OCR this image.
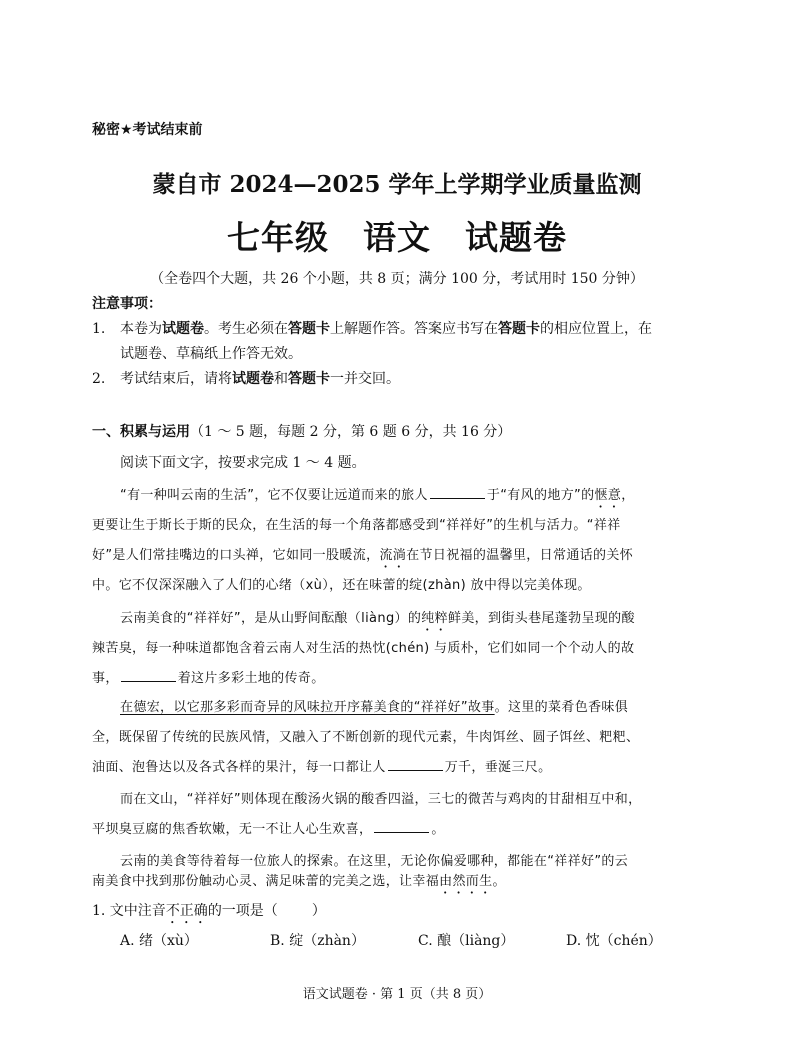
秘密★考试结束前
蒙自市 2024—2025 学年上学期学业质量监测
七年级　语文　试题卷
（全卷四个大题，共 26 个小题，共 8 页；满分 100 分，考试用时 150 分钟）
注意事项：
1. 本卷为试题卷。考生必须在答题卡上解题作答。答案应书写在答题卡的相应位置上，在
试题卷、草稿纸上作答无效。
2. 考试结束后，请将试题卷和答题卡一并交回。
一、积累与运用（1 ～ 5 题，每题 2 分，第 6 题 6 分，共 16 分）
阅读下面文字，按要求完成 1 ～ 4 题。
“有一种叫云南的生活”，它不仅要让远道而来的旅人	于“有风的地方”的惬意，
更要让生于斯长于斯的民众，在生活的每一个角落都感受到“祥祥好”的生机与活力。“祥祥
好”是人们常挂嘴边的口头禅，它如同一股暖流，流淌在节日祝福的温馨里，日常通话的关怀
中。它不仅深深融入了人们的心绪（xù），还在味蕾的绽(zhàn) 放中得以完美体现。
云南美食的“祥祥好”，是从山野间酝酿（liàng）的纯粹鲜美，到街头巷尾蓬勃呈现的酸
辣苦臭，每一种味道都饱含着云南人对生活的热忱(chén) 与质朴，它们如同一个个动人的故
事，	着这片多彩土地的传奇。
在德宏，以它那多彩而奇异的风味拉开序幕美食的“祥祥好”故事。这里的菜肴色香味俱
全，既保留了传统的民族风情，又融入了不断创新的现代元素，牛肉饵丝、圆子饵丝、粑粑、
油面、泡鲁达以及各式各样的果汁，每一口都让人	万千，垂涎三尺。
而在文山，“祥祥好”则体现在酸汤火锅的酸香四溢，三七的微苦与鸡肉的甘甜相互中和，
平坝臭豆腐的焦香软嫩，无一不让人心生欢喜，	。
云南的美食等待着每一位旅人的探索。在这里，无论你偏爱哪种，都能在“祥祥好”的云
南美食中找到那份触动心灵、满足味蕾的完美之选，让幸福由然而生。
1. 文中注音不正确的一项是（ ）
A. 绪（xù）	B. 绽（zhàn）	C. 酿（liàng）	D. 忱（chén）
语文试题卷 · 第 1 页（共 8 页）
